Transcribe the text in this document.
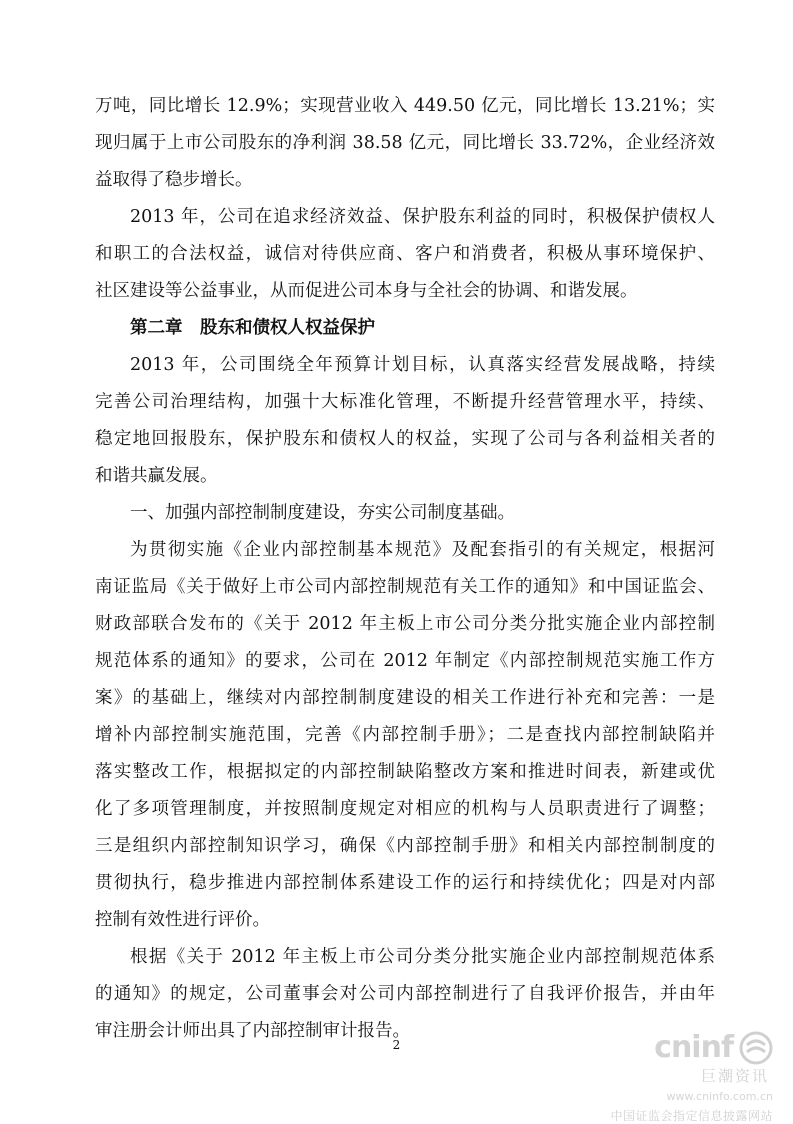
万吨，同比增长 12.9%；实现营业收入 449.50 亿元，同比增长 13.21%；实
现归属于上市公司股东的净利润 38.58 亿元，同比增长 33.72%，企业经济效
益取得了稳步增长。
2013 年，公司在追求经济效益、保护股东利益的同时，积极保护债权人
和职工的合法权益，诚信对待供应商、客户和消费者，积极从事环境保护、
社区建设等公益事业，从而促进公司本身与全社会的协调、和谐发展。
第二章　股东和债权人权益保护
2013 年，公司围绕全年预算计划目标，认真落实经营发展战略，持续
完善公司治理结构，加强十大标准化管理，不断提升经营管理水平，持续、
稳定地回报股东，保护股东和债权人的权益，实现了公司与各利益相关者的
和谐共赢发展。
一、加强内部控制制度建设，夯实公司制度基础。
为贯彻实施《企业内部控制基本规范》及配套指引的有关规定，根据河
南证监局《关于做好上市公司内部控制规范有关工作的通知》和中国证监会、
财政部联合发布的《关于 2012 年主板上市公司分类分批实施企业内部控制
规范体系的通知》的要求，公司在 2012 年制定《内部控制规范实施工作方
案》的基础上，继续对内部控制制度建设的相关工作进行补充和完善：一是
增补内部控制实施范围，完善《内部控制手册》；二是查找内部控制缺陷并
落实整改工作，根据拟定的内部控制缺陷整改方案和推进时间表，新建或优
化了多项管理制度，并按照制度规定对相应的机构与人员职责进行了调整；
三是组织内部控制知识学习，确保《内部控制手册》和相关内部控制制度的
贯彻执行，稳步推进内部控制体系建设工作的运行和持续优化；四是对内部
控制有效性进行评价。
根据《关于 2012 年主板上市公司分类分批实施企业内部控制规范体系
的通知》的规定，公司董事会对公司内部控制进行了自我评价报告，并由年
审注册会计师出具了内部控制审计报告。
2	cninf
巨潮资讯
www.cninfo.com.cn
中国证监会指定信息披露网站
